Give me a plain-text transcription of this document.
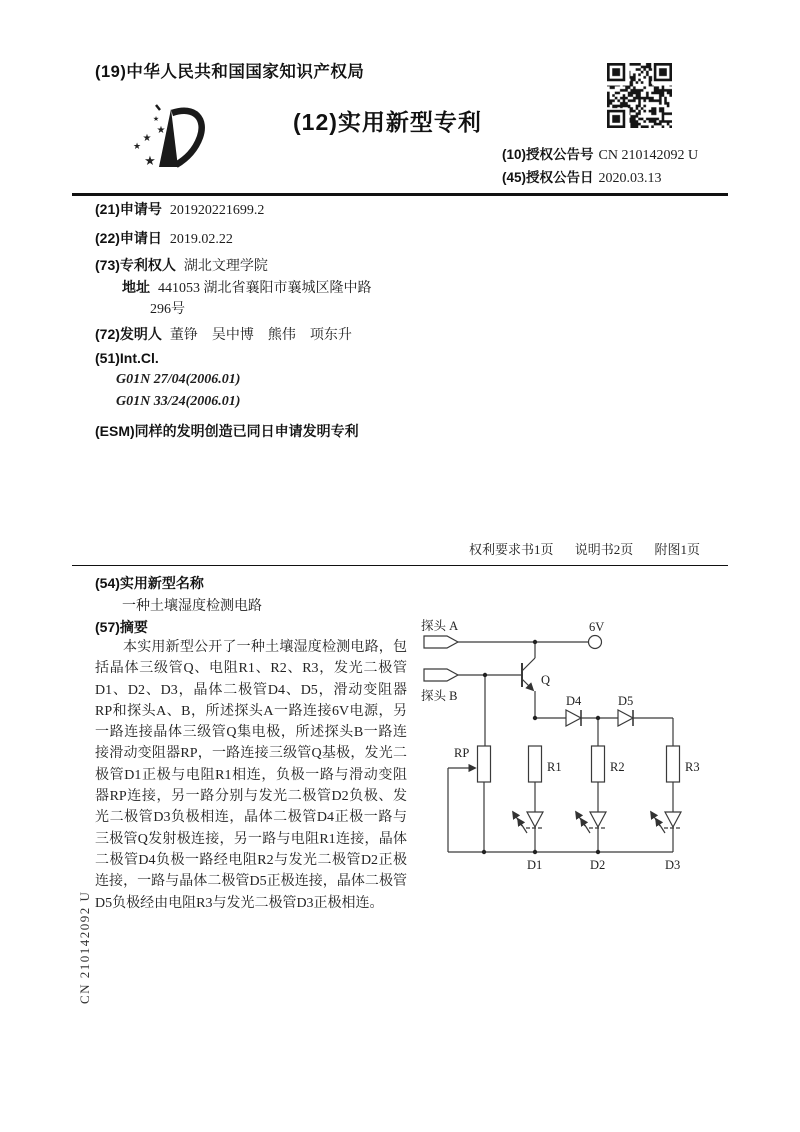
(19)中华人民共和国国家知识产权局
★
★
★
★
★
(12)实用新型专利
(10)授权公告号 CN 210142092 U
(45)授权公告日 2020.03.13
(21)申请号 201920221699.2
(22)申请日 2019.02.22
(73)专利权人 湖北文理学院
地址 441053 湖北省襄阳市襄城区隆中路
296号
(72)发明人 董铮　吴中博　熊伟　项东升
(51)Int.Cl.
G01N 27/04(2006.01)
G01N 33/24(2006.01)
(ESM)同样的发明创造已同日申请发明专利
权利要求书1页 说明书2页 附图1页
(54)实用新型名称
一种土壤湿度检测电路
(57)摘要
本实用新型公开了一种土壤湿度检测电路，包括晶体三级管Q、电阻R1、R2、R3，发光二极管D1、D2、D3，晶体二极管D4、D5，滑动变阻器RP和探头A、B，所述探头A一路连接6V电源，另一路连接晶体三级管Q集电极，所述探头B一路连接滑动变阻器RP，一路连接三级管Q基极，发光二极管D1正极与电阻R1相连，负极一路与滑动变阻器RP连接，另一路分别与发光二极管D2负极、发光二极管D3负极相连，晶体二极管D4正极一路与三极管Q发射极连接，另一路与电阻R1连接，晶体二极管D4负极一路经电阻R2与发光二极管D2正极连接，一路与晶体二极管D5正极连接，晶体二极管D5负极经由电阻R3与发光二极管D3正极相连。
探头 A
探头 B
6V
Q
D4	D5
RP
R1	R2	R3
D1	D2	D3
CN 210142092 U
